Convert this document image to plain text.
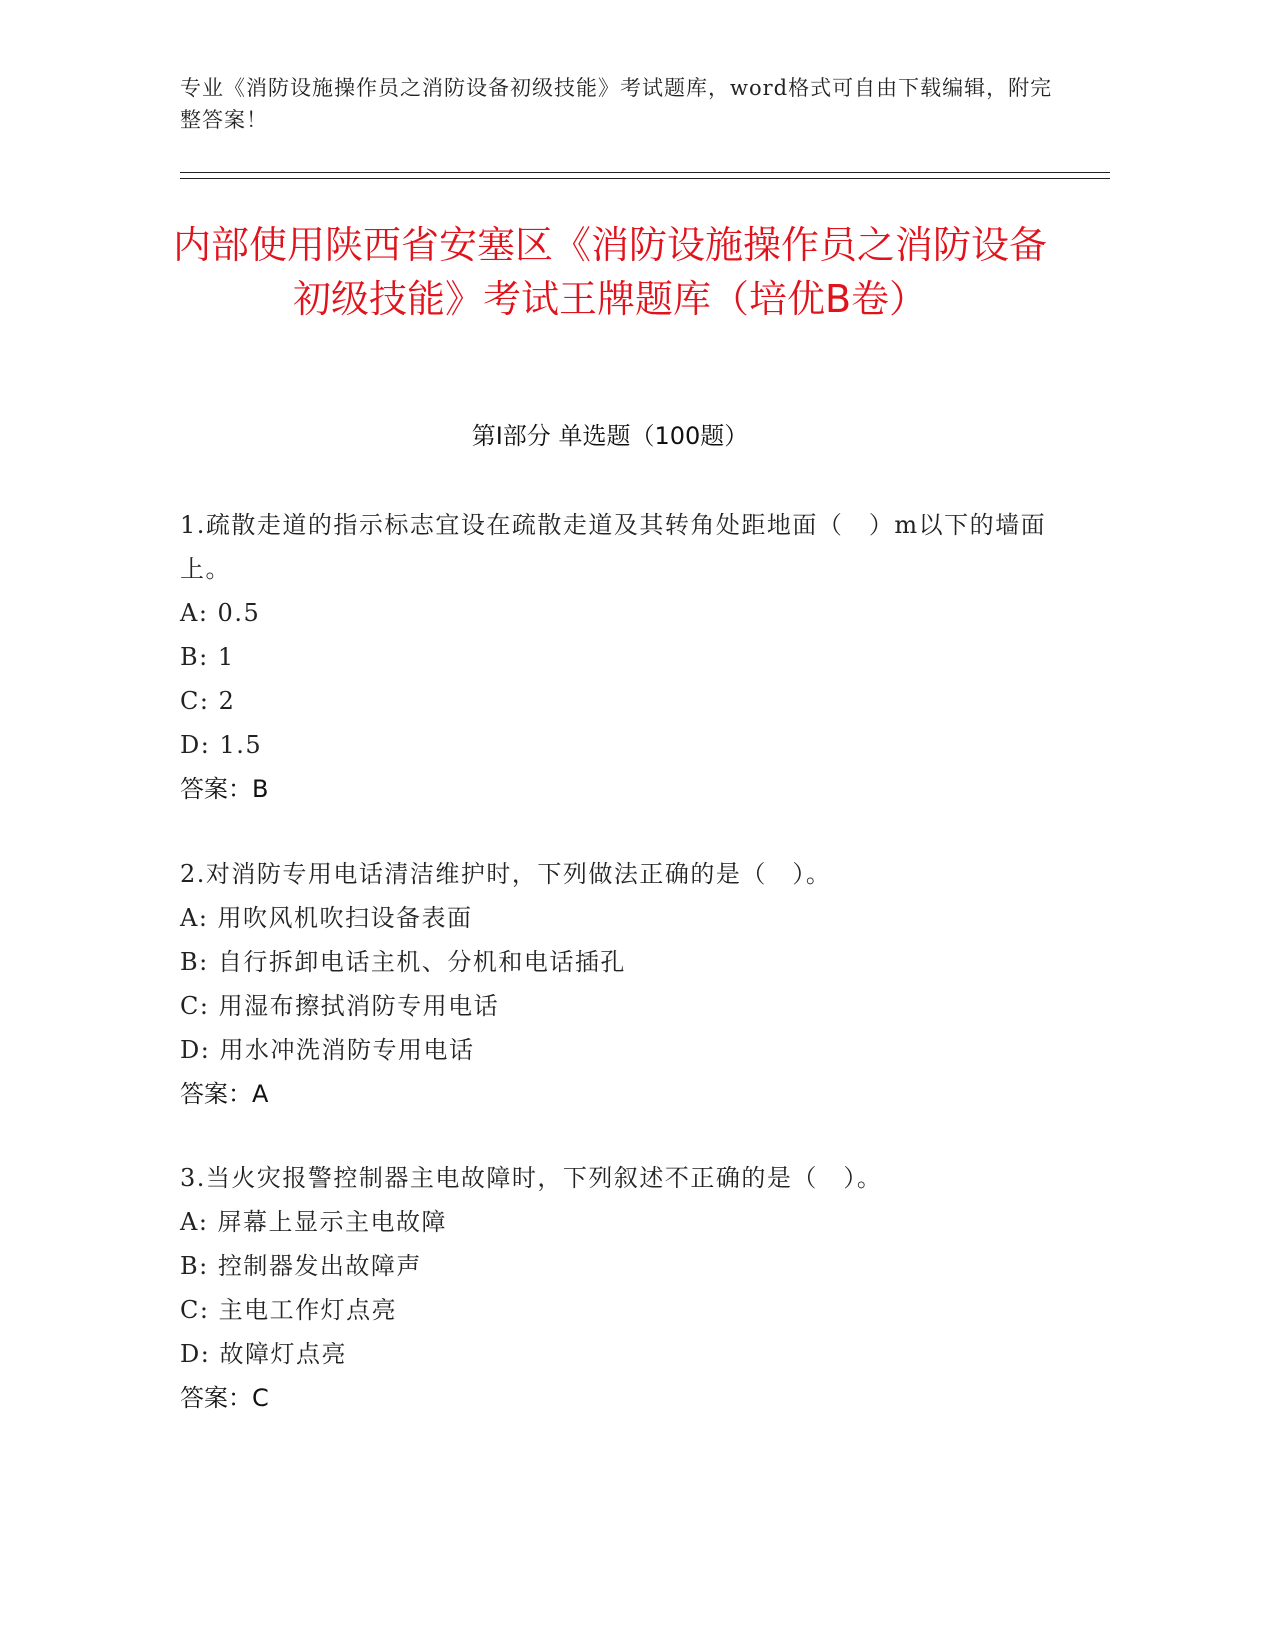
专业《消防设施操作员之消防设备初级技能》考试题库，word格式可自由下载编辑，附完整答案！
内部使用陕西省安塞区《消防设施操作员之消防设备初级技能》考试王牌题库（培优B卷）
第I部分 单选题（100题）
1.疏散走道的指示标志宜设在疏散走道及其转角处距地面（　）m以下的墙面上。
A: 0.5
B: 1
C: 2
D: 1.5
答案：B
2.对消防专用电话清洁维护时，下列做法正确的是（　）。
A: 用吹风机吹扫设备表面
B: 自行拆卸电话主机、分机和电话插孔
C: 用湿布擦拭消防专用电话
D: 用水冲洗消防专用电话
答案：A
3.当火灾报警控制器主电故障时，下列叙述不正确的是（　）。
A: 屏幕上显示主电故障
B: 控制器发出故障声
C: 主电工作灯点亮
D: 故障灯点亮
答案：C
